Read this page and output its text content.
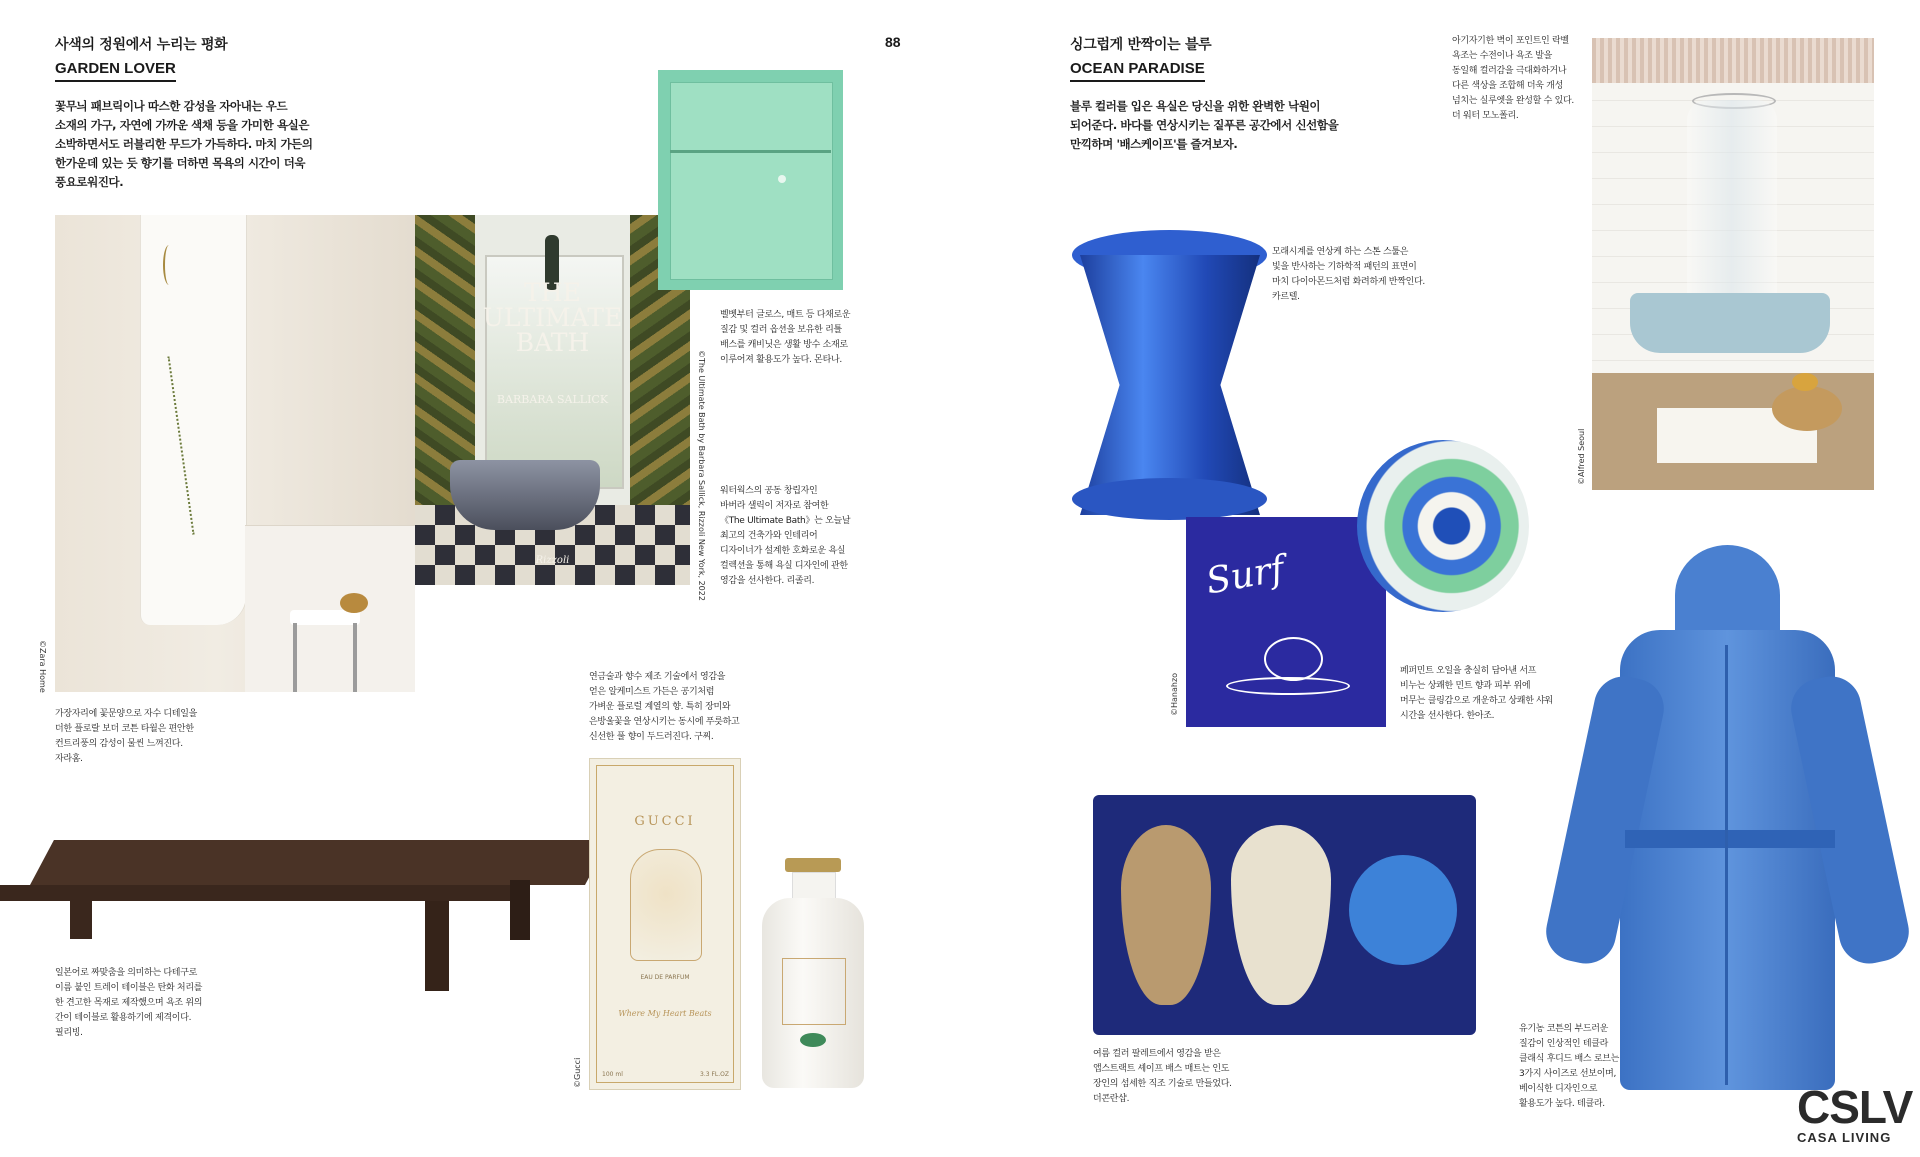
사색의 정원에서 누리는 평화
GARDEN LOVER
꽃무늬 패브릭이나 따스한 감성을 자아내는 우드
소재의 가구, 자연에 가까운 색채 등을 가미한 욕실은
소박하면서도 러블리한 무드가 가득하다. 마치 가든의
한가운데 있는 듯 향기를 더하면 목욕의 시간이 더욱
풍요로워진다.
88
©Zara Home
THE
ULTIMATE
BATH
BARBARA SALLICK
Rizzoli	©The Ultimate Bath by Barbara Sallick, Rizzoli New York, 2022
벨벳부터 글로스, 매트 등 다채로운
질감 및 컬러 옵션을 보유한 리틀
배스를 캐비닛은 생활 방수 소재로
이루어져 활용도가 높다. 몬타나.
워터웍스의 공동 창립자인
바버라 샐릭이 저자로 참여한
《The Ultimate Bath》는 오늘날
최고의 건축가와 인테리어
디자이너가 설계한 호화로운 욕실
컬렉션을 통해 욕실 디자인에 관한
영감을 선사한다. 리졸리.
가장자리에 꽃문양으로 자수 디테일을
더한 플로랄 보더 코튼 타월은 편안한
컨트리풍의 감성이 물씬 느껴진다.
자라홈.
연금술과 향수 제조 기술에서 영감을
얻은 알케미스트 가든은 공기처럼
가벼운 플로럴 계열의 향. 특히 장미와
은방울꽃을 연상시키는 동시에 푸릇하고
신선한 풀 향이 두드러진다. 구찌.
일본어로 짜맞춤을 의미하는 다테구로
이름 붙인 트레이 테이블은 탄화 처리를
한 견고한 목재로 제작했으며 욕조 위의
간이 테이블로 활용하기에 제격이다.
필리빙.
GUCCI
EAU DE PARFUM
Where My Heart Beats
100 ml	3.3 FL.OZ
©Gucci
싱그럽게 반짝이는 블루
OCEAN PARADISE
블루 컬러를 입은 욕실은 당신을 위한 완벽한 낙원이
되어준다. 바다를 연상시키는 짙푸른 공간에서 신선함을
만끽하며 '배스케이프'를 즐겨보자.
아기자기한 벽이 포인트인 락벨
욕조는 수전이나 욕조 발을
동일해 컬러감을 극대화하거나
다른 색상을 조합해 더욱 개성
넘치는 실루엣을 완성할 수 있다.
더 워터 모노폴리.
©Alfred Seoul
모래시계를 연상케 하는 스톤 스툴은
빛을 반사하는 기하학적 패턴의 표면이
마치 다이아몬드처럼 화려하게 반짝인다.
카르텔.
Surf
©Hanahzo
페퍼민트 오일을 충실히 담아낸 서프
비누는 상쾌한 민트 향과 피부 위에
머무는 클링감으로 개운하고 상쾌한 샤워
시간을 선사한다. 한아조.
여름 컬러 팔레트에서 영감을 받은
앱스트랙트 셰이프 배스 매트는 인도
장인의 섬세한 직조 기술로 만들었다.
더콘란샵.
유기농 코튼의 부드러운
질감이 인상적인 테클라
클래식 후디드 배스 로브는
3가지 사이즈로 선보이며,
베이식한 디자인으로
활용도가 높다. 테클라.	CSLV
CASA LIVING
